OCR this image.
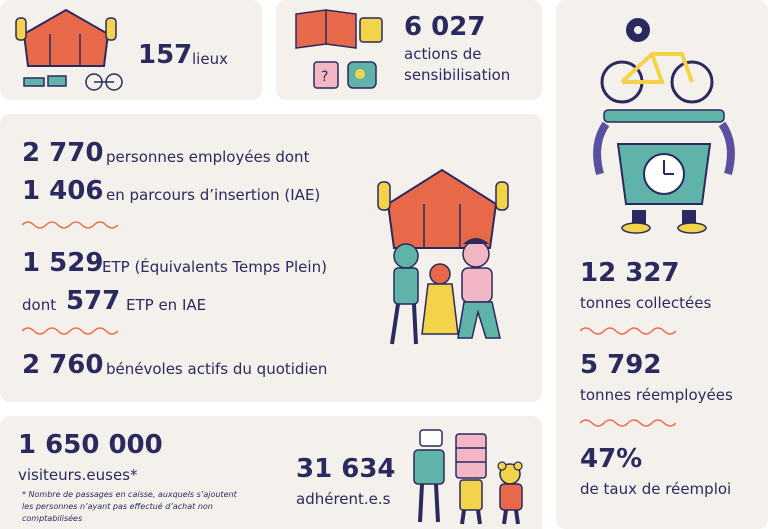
157 lieux
?
6 027
actions de
sensibilisation
12 327
tonnes collectées
5 792
tonnes réemployées
47%
de taux de réemploi
2 770 personnes employées dont
1 406 en parcours d’insertion (IAE)
1 529
ETP (Équivalents Temps Plein)
dont 577 ETP en IAE
2 760 bénévoles actifs du quotidien
1 650 000
visiteurs.euses*
* Nombre de passages en caisse, auxquels s’ajoutent
les personnes n’ayant pas effectué d’achat non
comptabilisées
31 634
adhérent.e.s
